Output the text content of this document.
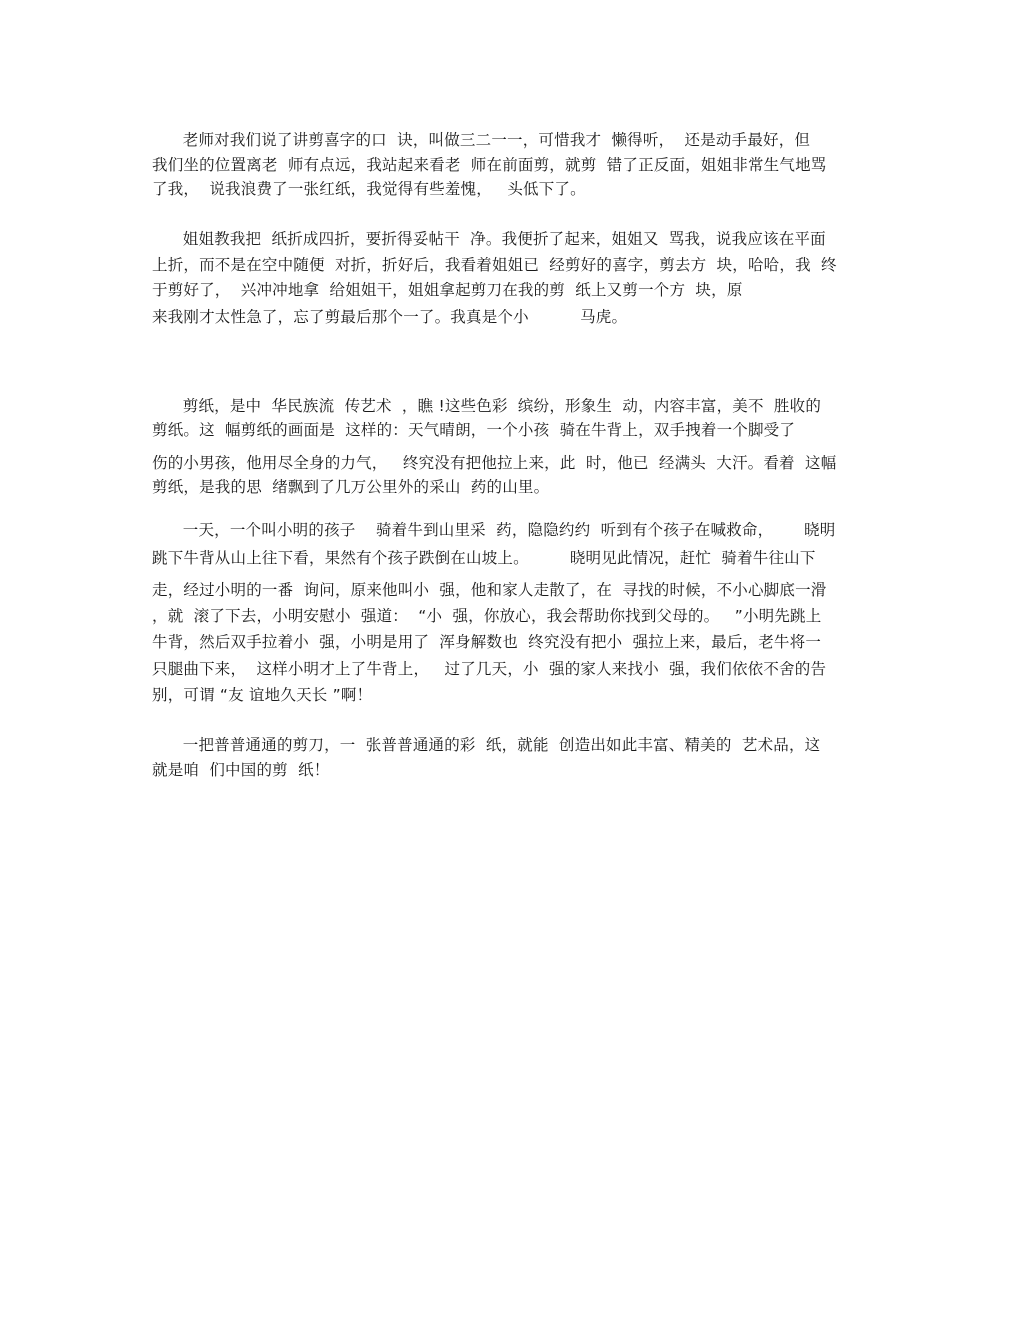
老师对我们说了讲剪喜字的口  诀，叫做三二一一，可惜我才  懒得听，  还是动手最好，但
我们坐的位置离老  师有点远，我站起来看老  师在前面剪，就剪  错了正反面，姐姐非常生气地骂
了我，  说我浪费了一张红纸，我觉得有些羞愧，   头低下了。
姐姐教我把  纸折成四折，要折得妥帖干  净。我便折了起来，姐姐又  骂我，说我应该在平面
上折，而不是在空中随便  对折，折好后，我看着姐姐已  经剪好的喜字，剪去方  块，哈哈，我  终
于剪好了，  兴冲冲地拿  给姐姐干，姐姐拿起剪刀在我的剪  纸上又剪一个方  块，原
来我刚才太性急了，忘了剪最后那个一了。我真是个小          马虎。
剪纸，是中  华民族流  传艺术  ，瞧 !这些色彩  缤纷，形象生  动，内容丰富，美不  胜收的
剪纸。这  幅剪纸的画面是  这样的：天气晴朗，一个小孩  骑在牛背上，双手拽着一个脚受了
伤的小男孩，他用尽全身的力气，   终究没有把他拉上来，此  时，他已  经满头  大汗。看着  这幅
剪纸，是我的思  绪飘到了几万公里外的采山  药的山里。
一天，一个叫小明的孩子    骑着牛到山里采  药，隐隐约约  听到有个孩子在喊救命，      晓明
跳下牛背从山上往下看，果然有个孩子跌倒在山坡上。        晓明见此情况，赶忙  骑着牛往山下
走，经过小明的一番  询问，原来他叫小  强，他和家人走散了，在  寻找的时候，不小心脚底一滑
，就  滚了下去，小明安慰小  强道：  “小  强，你放心，我会帮助你找到父母的。   ”小明先跳上
牛背，然后双手拉着小  强，小明是用了  浑身解数也  终究没有把小  强拉上来，最后，老牛将一
只腿曲下来，  这样小明才上了牛背上，   过了几天，小  强的家人来找小  强，我们依依不舍的告
别，可谓 “友 谊地久天长 ”啊！
一把普普通通的剪刀，一  张普普通通的彩  纸，就能  创造出如此丰富、精美的  艺术品，这
就是咱  们中国的剪  纸！
